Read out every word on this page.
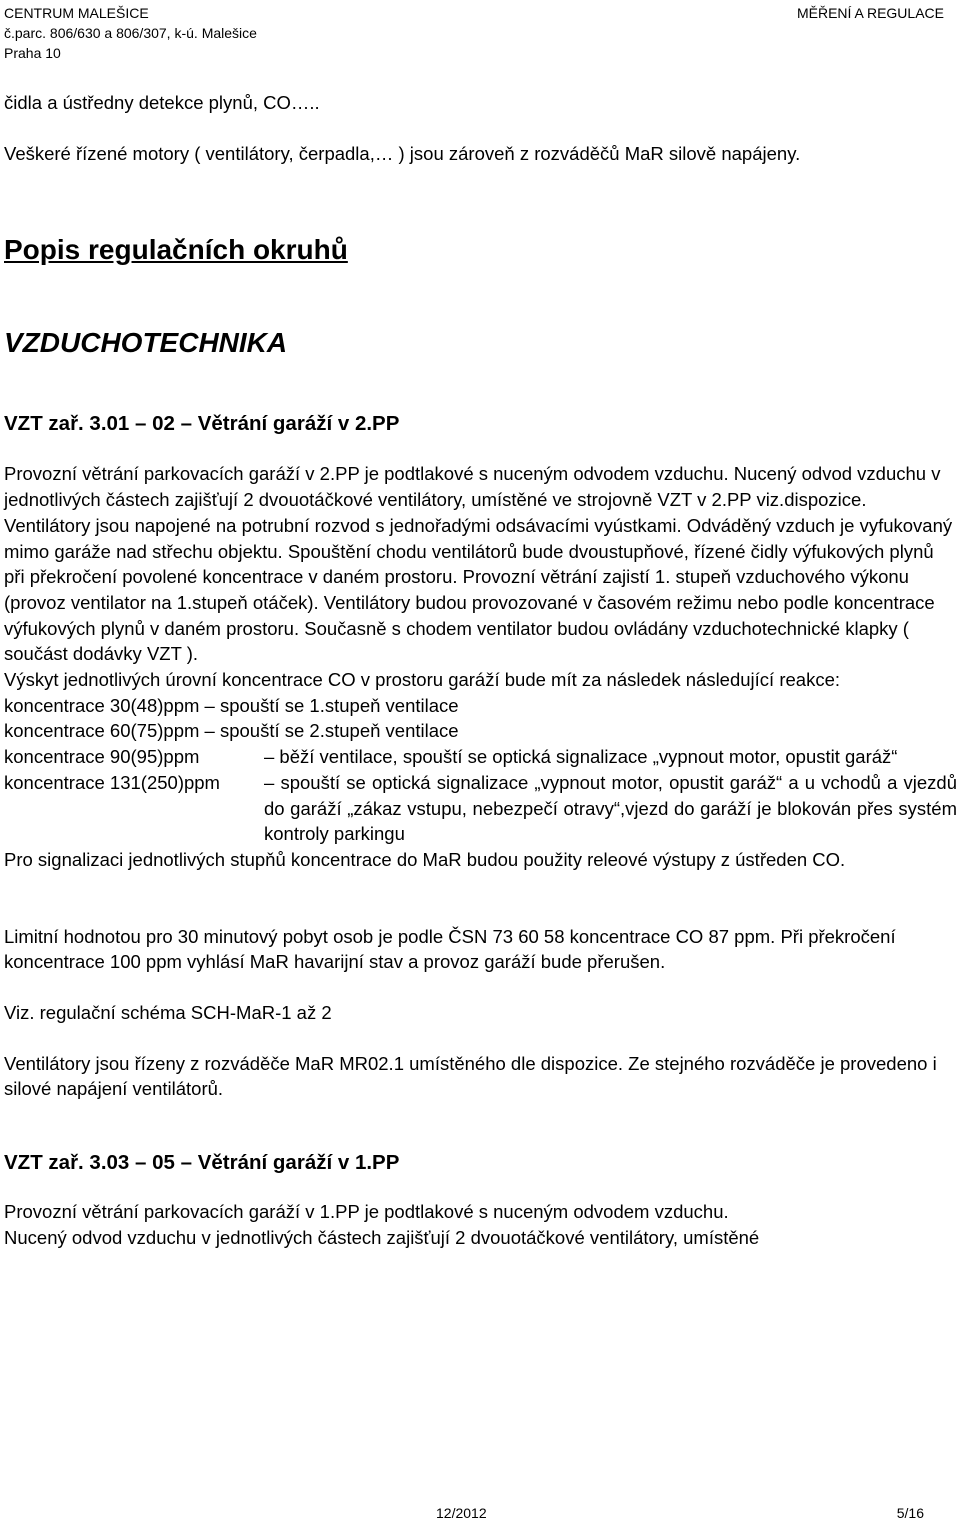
CENTRUM MALEŠICE
č.parc. 806/630 a 806/307, k-ú. Malešice
Praha 10
MĚŘENÍ A REGULACE

čidla a ústředny detekce plynů, CO…..

Veškeré řízené motory ( ventilátory, čerpadla,… ) jsou zároveň z rozváděčů MaR silově napájeny.

Popis regulačních okruhů
VZDUCHOTECHNIKA
VZT zař. 3.01 – 02 – Větrání garáží v 2.PP

Provozní větrání parkovacích garáží v 2.PP je podtlakové s nuceným odvodem vzduchu. Nucený odvod vzduchu v jednotlivých částech zajišťují 2 dvouotáčkové ventilátory, umístěné ve strojovně VZT v 2.PP viz.dispozice. Ventilátory jsou napojené na potrubní rozvod s jednořadými odsávacími vyústkami. Odváděný vzduch je vyfukovaný mimo garáže nad střechu objektu. Spouštění chodu ventilátorů bude dvoustupňové, řízené čidly výfukových plynů při překročení povolené koncentrace v daném prostoru. Provozní větrání zajistí 1. stupeň vzduchového výkonu (provoz ventilator na 1.stupeň otáček). Ventilátory budou provozované v časovém režimu nebo podle koncentrace výfukových plynů v daném prostoru. Současně s chodem ventilator budou ovládány vzduchotechnické klapky ( součást dodávky VZT ).

Výskyt jednotlivých úrovní koncentrace CO v prostoru garáží bude mít za následek následující reakce:

koncentrace 30(48)ppm – spouští se 1.stupeň ventilace
koncentrace 60(75)ppm – spouští se 2.stupeň ventilace
koncentrace 90(95)ppm	– běží ventilace, spouští se optická signalizace „vypnout motor, opustit garáž“
koncentrace 131(250)ppm	– spouští se optická signalizace „vypnout motor, opustit garáž“ a u vchodů a vjezdů do garáží „zákaz vstupu, nebezpečí otravy“,vjezd do garáží je blokován přes systém kontroly parkingu

Pro signalizaci jednotlivých stupňů koncentrace do MaR budou použity releové výstupy z ústředen CO.

Limitní hodnotou pro 30 minutový pobyt osob je podle ČSN 73 60 58 koncentrace CO 87 ppm. Při překročení koncentrace 100 ppm vyhlásí MaR havarijní stav a provoz garáží bude přerušen.

Viz. regulační schéma SCH-MaR-1 až 2

Ventilátory jsou řízeny z rozváděče MaR MR02.1 umístěného dle dispozice. Ze stejného rozváděče je provedeno i silové napájení ventilátorů.

VZT zař. 3.03 – 05 – Větrání garáží v 1.PP

Provozní větrání parkovacích garáží v 1.PP je podtlakové s nuceným odvodem vzduchu.

Nucený odvod vzduchu v jednotlivých částech zajišťují 2 dvouotáčkové ventilátory, umístěné

12/2012	5/16
